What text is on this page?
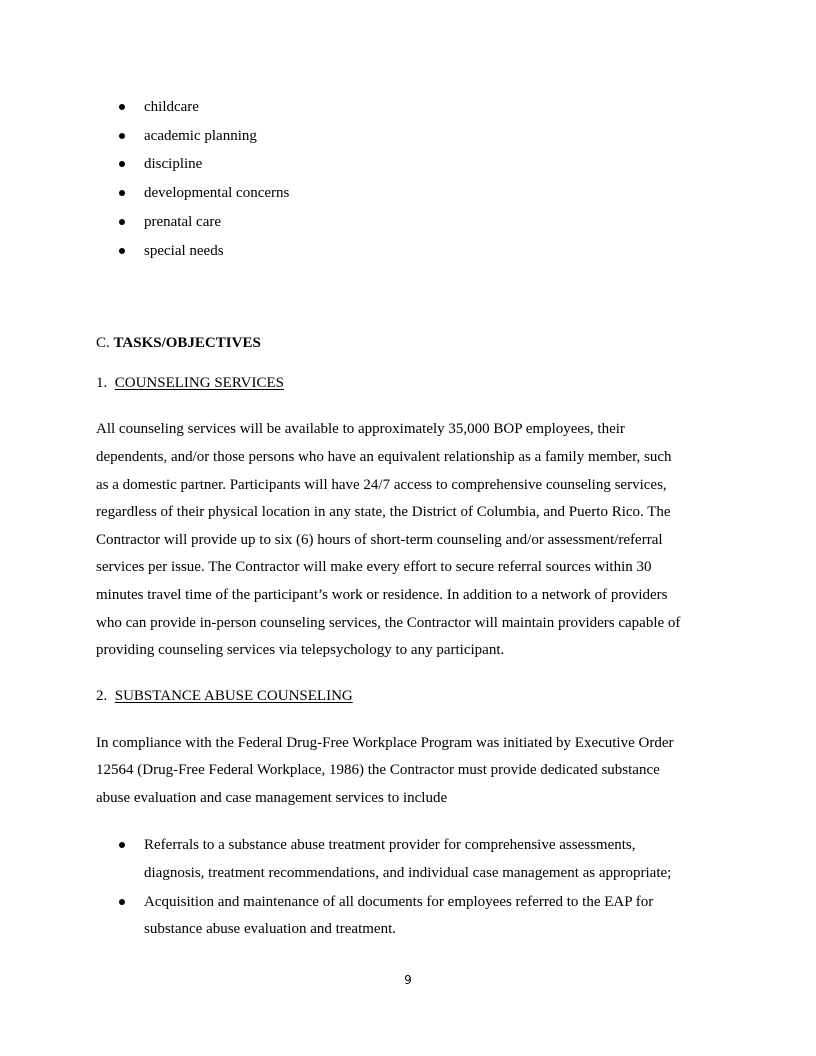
childcare
academic planning
discipline
developmental concerns
prenatal care
special needs
C. TASKS/OBJECTIVES
1.  COUNSELING SERVICES
All counseling services will be available to approximately 35,000 BOP employees, their
dependents, and/or those persons who have an equivalent relationship as a family member, such
as a domestic partner. Participants will have 24/7 access to comprehensive counseling services,
regardless of their physical location in any state, the District of Columbia, and Puerto Rico. The
Contractor will provide up to six (6) hours of short-term counseling and/or assessment/referral
services per issue. The Contractor will make every effort to secure referral sources within 30
minutes travel time of the participant’s work or residence. In addition to a network of providers
who can provide in-person counseling services, the Contractor will maintain providers capable of
providing counseling services via telepsychology to any participant.
2.  SUBSTANCE ABUSE COUNSELING
In compliance with the Federal Drug-Free Workplace Program was initiated by Executive Order
12564 (Drug-Free Federal Workplace, 1986) the Contractor must provide dedicated substance
abuse evaluation and case management services to include
Referrals to a substance abuse treatment provider for comprehensive assessments,
diagnosis, treatment recommendations, and individual case management as appropriate;
Acquisition and maintenance of all documents for employees referred to the EAP for
substance abuse evaluation and treatment.
9
